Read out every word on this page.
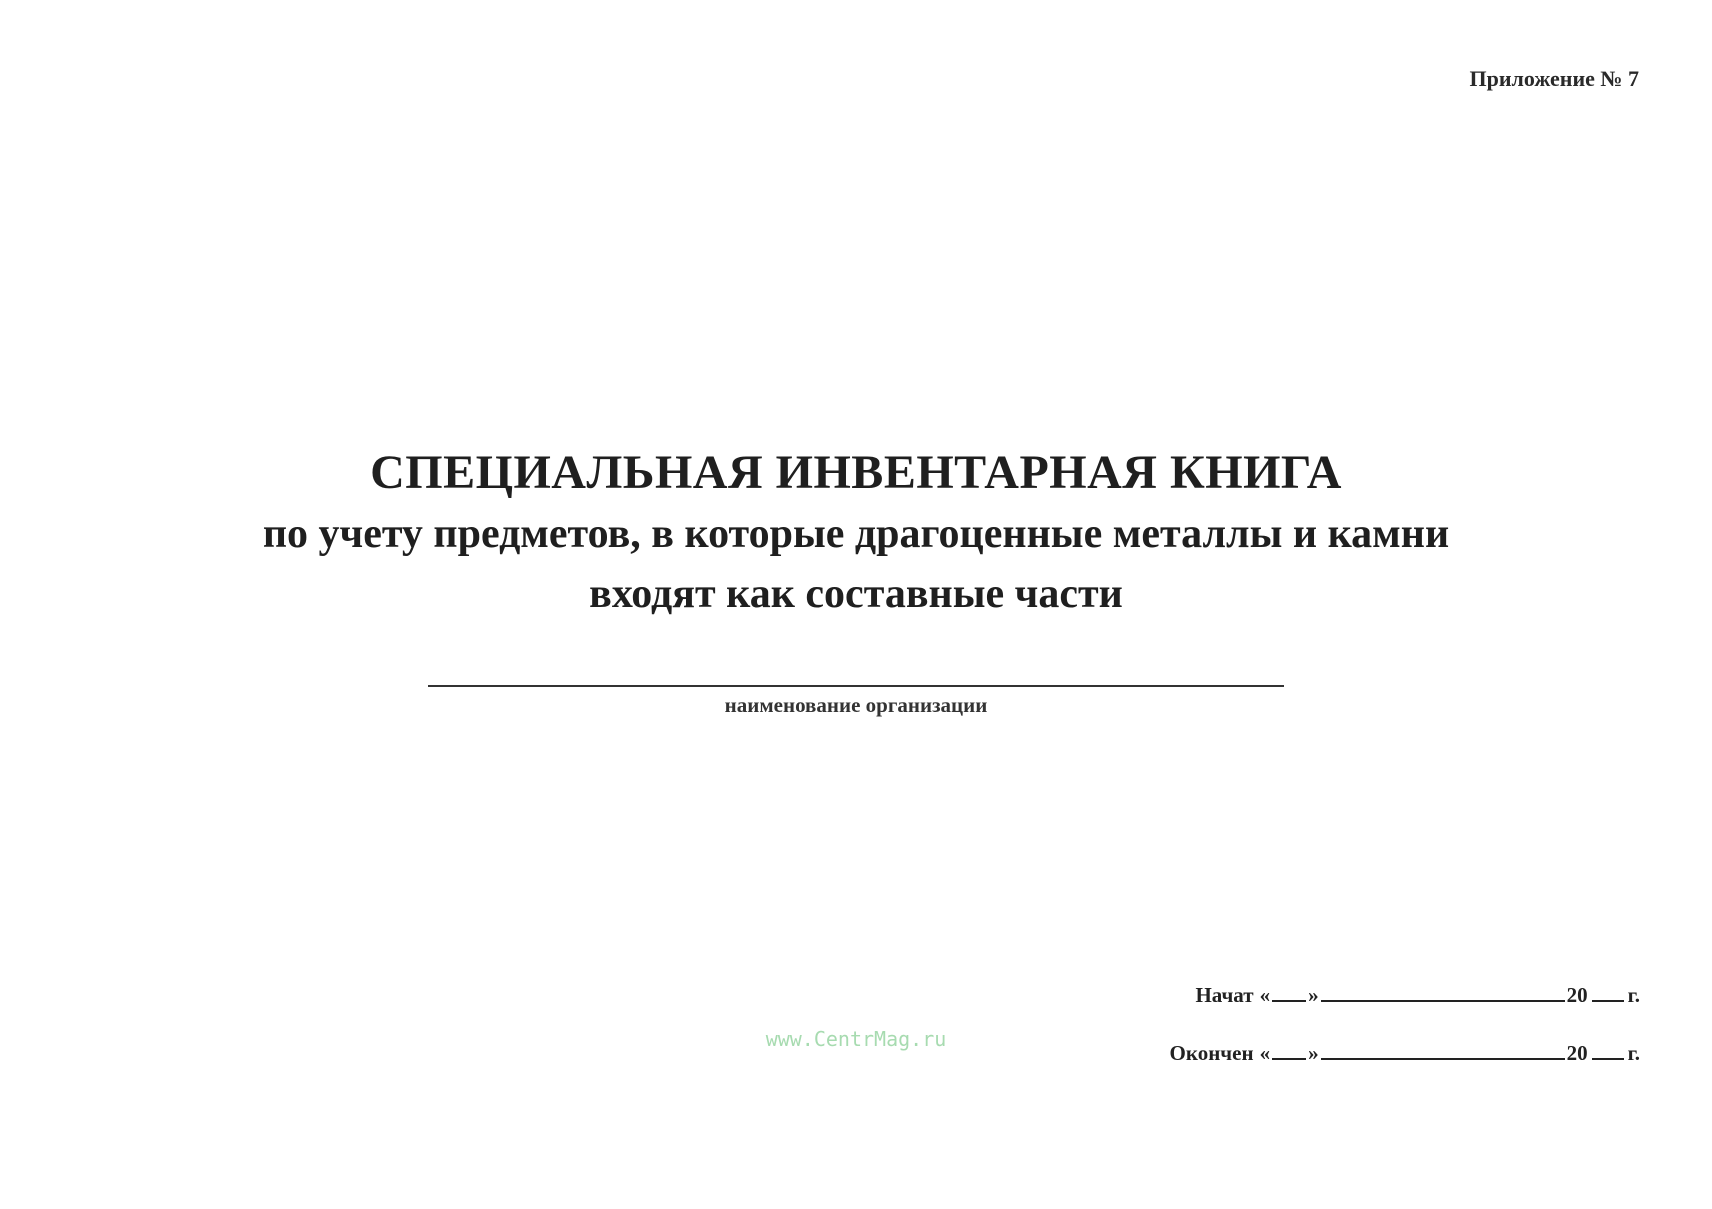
Приложение № 7
СПЕЦИАЛЬНАЯ ИНВЕНТАРНАЯ КНИГА
по учету предметов, в которые драгоценные металлы и камни
входят как составные части
наименование организации
www.CentrMag.ru
Начат « »	20 г.
Окончен « »	20 г.
